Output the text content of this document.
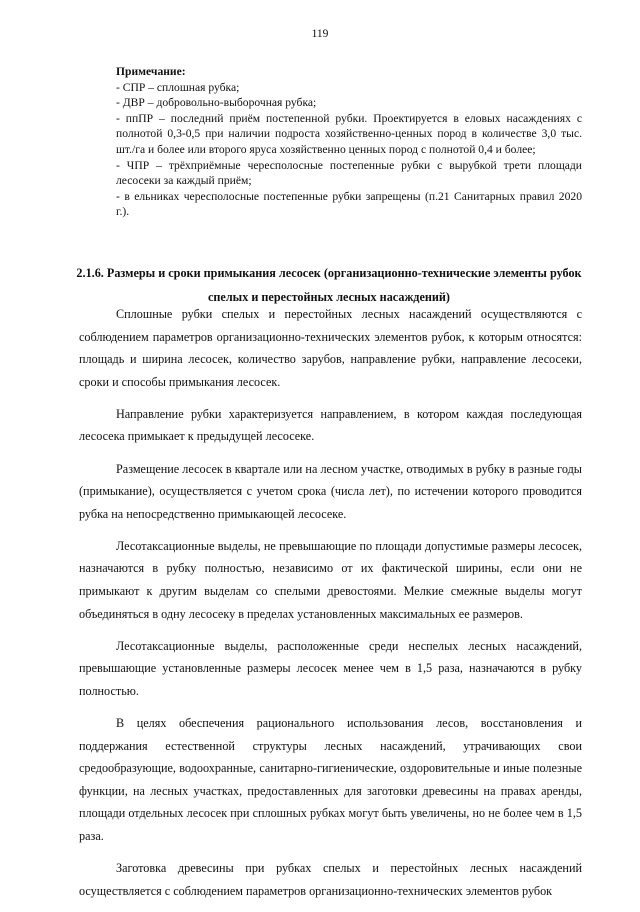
119

Примечание:

- СПР – сплошная рубка;

- ДВР – добровольно-выборочная рубка;

- ппПР – последний приём постепенной рубки. Проектируется в еловых насаждениях с полнотой 0,3-0,5 при наличии подроста хозяйственно-ценных пород в количестве 3,0 тыс. шт./га и более или второго яруса хозяйственно ценных пород с полнотой 0,4 и более;

- ЧПР – трёхприёмные чересполосные постепенные рубки с вырубкой трети площади лесосеки за каждый приём;

- в ельниках чересполосные постепенные рубки запрещены (п.21 Санитарных правил 2020 г.).

2.1.6. Размеры и сроки примыкания лесосек (организационно-технические элементы рубок спелых и перестойных лесных насаждений)

Сплошные рубки спелых и перестойных лесных насаждений осуществляются с соблюдением параметров организационно-технических элементов рубок, к которым относятся: площадь и ширина лесосек, количество зарубов, направление рубки, направление лесосеки, сроки и способы примыкания лесосек.

Направление рубки характеризуется направлением, в котором каждая последующая лесосека примыкает к предыдущей лесосеке.

Размещение лесосек в квартале или на лесном участке, отводимых в рубку в разные годы (примыкание), осуществляется с учетом срока (числа лет), по истечении которого проводится рубка на непосредственно примыкающей лесосеке.

Лесотаксационные выделы, не превышающие по площади допустимые размеры лесосек, назначаются в рубку полностью, независимо от их фактической ширины, если они не примыкают к другим выделам со спелыми древостоями. Мелкие смежные выделы могут объединяться в одну лесосеку в пределах установленных максимальных ее размеров.

Лесотаксационные выделы, расположенные среди неспелых лесных насаждений, превышающие установленные размеры лесосек менее чем в 1,5 раза, назначаются в рубку полностью.

В целях обеспечения рационального использования лесов, восстановления и поддержания естественной структуры лесных насаждений, утрачивающих свои средообразующие, водоохранные, санитарно-гигиенические, оздоровительные и иные полезные функции, на лесных участках, предоставленных для заготовки древесины на правах аренды, площади отдельных лесосек при сплошных рубках могут быть увеличены, но не более чем в 1,5 раза.

Заготовка древесины при рубках спелых и перестойных лесных насаждений осуществляется с соблюдением параметров организационно-технических элементов рубок
